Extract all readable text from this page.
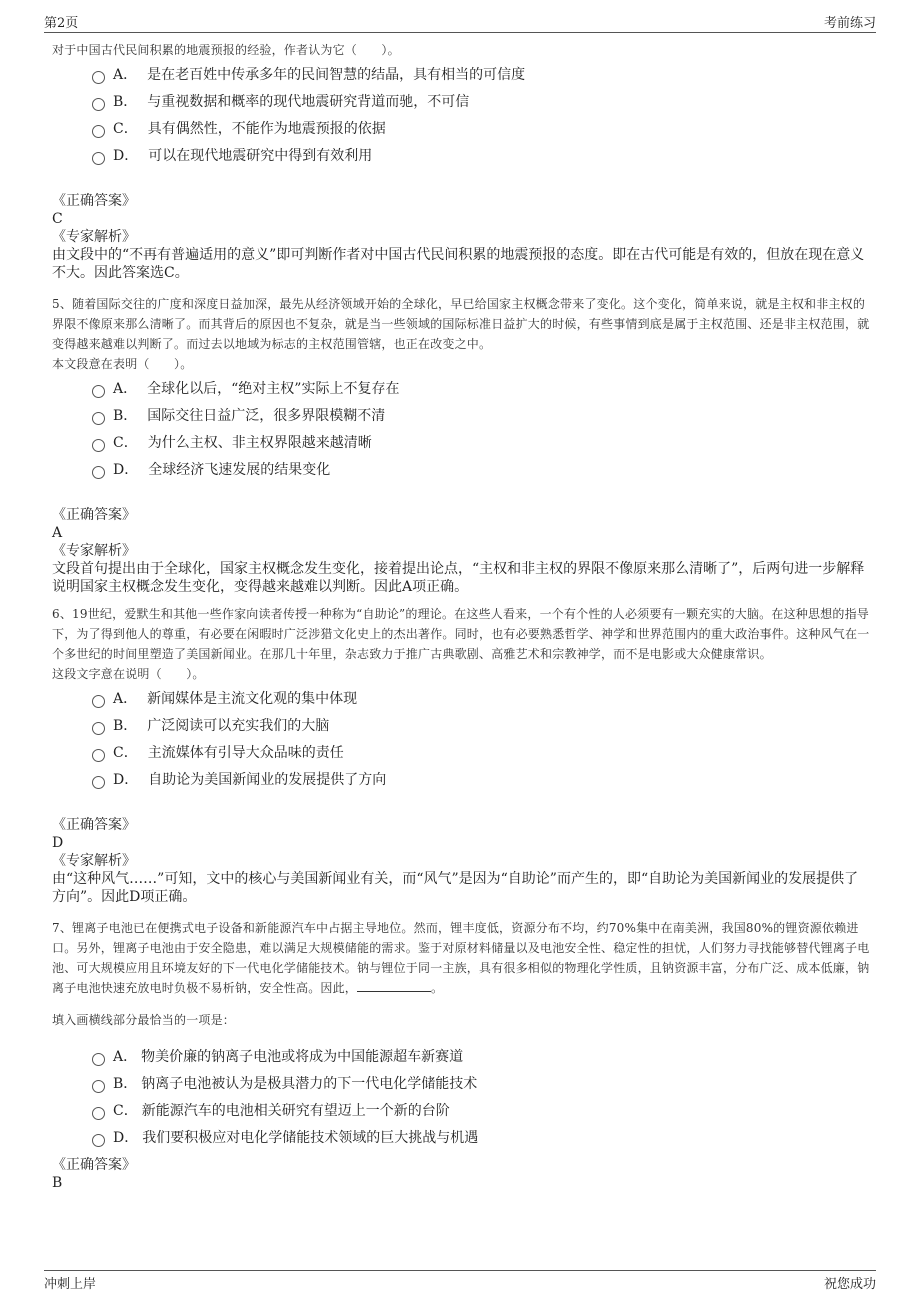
第2页	考前练习
对于中国古代民间积累的地震预报的经验，作者认为它（　　）。
A． 是在老百姓中传承多年的民间智慧的结晶，具有相当的可信度
B． 与重视数据和概率的现代地震研究背道而驰，不可信
C． 具有偶然性，不能作为地震预报的依据
D． 可以在现代地震研究中得到有效利用
《正确答案》
C
《专家解析》
由文段中的“不再有普遍适用的意义”即可判断作者对中国古代民间积累的地震预报的态度。即在古代可能是有效的，但放在现在意义不大。因此答案选C。
5、随着国际交往的广度和深度日益加深，最先从经济领域开始的全球化，早已给国家主权概念带来了变化。这个变化，简单来说，就是主权和非主权的界限不像原来那么清晰了。而其背后的原因也不复杂，就是当一些领域的国际标准日益扩大的时候，有些事情到底是属于主权范围、还是非主权范围，就变得越来越难以判断了。而过去以地域为标志的主权范围管辖，也正在改变之中。
本文段意在表明（　　）。
A． 全球化以后，“绝对主权”实际上不复存在
B． 国际交往日益广泛，很多界限模糊不清
C． 为什么主权、非主权界限越来越清晰
D． 全球经济飞速发展的结果变化
《正确答案》
A
《专家解析》
文段首句提出由于全球化，国家主权概念发生变化，接着提出论点，“主权和非主权的界限不像原来那么清晰了”，后两句进一步解释说明国家主权概念发生变化，变得越来越难以判断。因此A项正确。
6、19世纪，爱默生和其他一些作家向读者传授一种称为“自助论”的理论。在这些人看来，一个有个性的人必须要有一颗充实的大脑。在这种思想的指导下，为了得到他人的尊重，有必要在闲暇时广泛涉猎文化史上的杰出著作。同时，也有必要熟悉哲学、神学和世界范围内的重大政治事件。这种风气在一个多世纪的时间里塑造了美国新闻业。在那几十年里，杂志致力于推广古典歌剧、高雅艺术和宗教神学，而不是电影或大众健康常识。
这段文字意在说明（　　）。
A． 新闻媒体是主流文化观的集中体现
B． 广泛阅读可以充实我们的大脑
C． 主流媒体有引导大众品味的责任
D． 自助论为美国新闻业的发展提供了方向
《正确答案》
D
《专家解析》
由“这种风气……”可知，文中的核心与美国新闻业有关，而“风气”是因为“自助论”而产生的，即“自助论为美国新闻业的发展提供了方向”。因此D项正确。
7、锂离子电池已在便携式电子设备和新能源汽车中占据主导地位。然而，锂丰度低，资源分布不均，约70%集中在南美洲，我国80%的锂资源依赖进口。另外，锂离子电池由于安全隐患，难以满足大规模储能的需求。鉴于对原材料储量以及电池安全性、稳定性的担忧，人们努力寻找能够替代锂离子电池、可大规模应用且环境友好的下一代电化学储能技术。钠与锂位于同一主族，具有很多相似的物理化学性质，且钠资源丰富，分布广泛、成本低廉，钠离子电池快速充放电时负极不易析钠，安全性高。因此，	。
填入画横线部分最恰当的一项是：
A． 物美价廉的钠离子电池或将成为中国能源超车新赛道
B． 钠离子电池被认为是极具潜力的下一代电化学储能技术
C． 新能源汽车的电池相关研究有望迈上一个新的台阶
D． 我们要积极应对电化学储能技术领域的巨大挑战与机遇
《正确答案》
B
冲刺上岸	祝您成功
